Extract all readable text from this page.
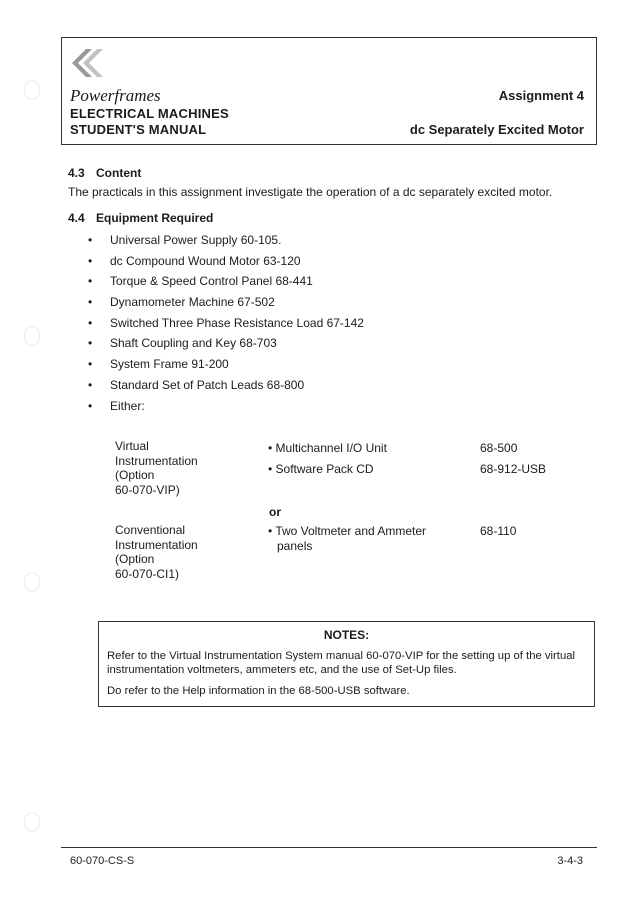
Powerframes
ELECTRICAL MACHINES
STUDENT'S MANUAL
Assignment 4
dc Separately Excited Motor
4.3 Content
The practicals in this assignment investigate the operation of a dc separately excited motor.
4.4 Equipment Required
• Universal Power Supply 60-105.
• dc Compound Wound Motor 63-120
• Torque & Speed Control Panel 68-441
• Dynamometer Machine 67-502
• Switched Three Phase Resistance Load 67-142
• Shaft Coupling and Key 68-703
• System Frame 91-200
• Standard Set of Patch Leads 68-800
• Either:
Virtual
Instrumentation
(Option
60-070-VIP)
• Multichannel I/O Unit
• Software Pack CD
68-500
68-912-USB
or
Conventional
Instrumentation
(Option
60-070-CI1)
• Two Voltmeter and Ammeter
panels
68-110
NOTES:
Refer to the Virtual Instrumentation System manual 60-070-VIP for the setting up of the virtual instrumentation voltmeters, ammeters etc, and the use of Set-Up files.
Do refer to the Help information in the 68-500-USB software.
60-070-CS-S	3-4-3
